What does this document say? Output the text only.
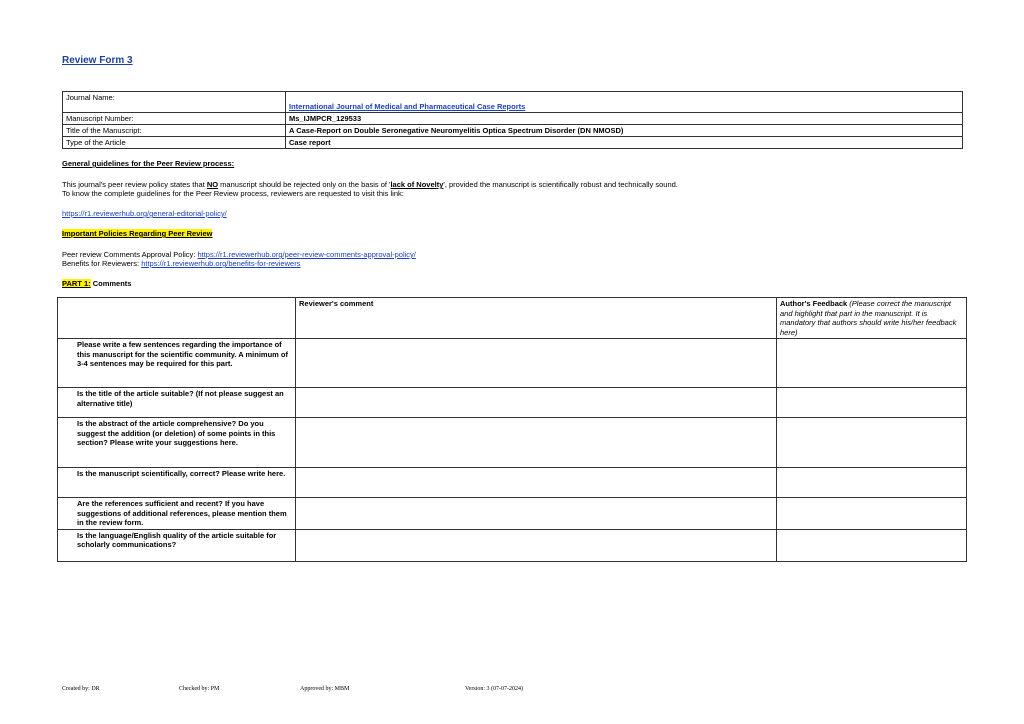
Review Form 3
Journal Name:	International Journal of Medical and Pharmaceutical Case Reports
Manuscript Number:	Ms_IJMPCR_129533
Title of the Manuscript:	A Case-Report on Double Seronegative Neuromyelitis Optica Spectrum Disorder (DN NMOSD)
Type of the Article	Case report
General guidelines for the Peer Review process:
This journal's peer review policy states that NO manuscript should be rejected only on the basis of 'lack of Novelty', provided the manuscript is scientifically robust and technically sound.
To know the complete guidelines for the Peer Review process, reviewers are requested to visit this link:
https://r1.reviewerhub.org/general-editorial-policy/
Important Policies Regarding Peer Review
Peer review Comments Approval Policy: https://r1.reviewerhub.org/peer-review-comments-approval-policy/
Benefits for Reviewers: https://r1.reviewerhub.org/benefits-for-reviewers
PART 1: Comments
	Reviewer's comment	Author's Feedback (Please correct the manuscript and highlight that part in the manuscript. It is mandatory that authors should write his/her feedback here)
Please write a few sentences regarding the importance of this manuscript for the scientific community. A minimum of 3-4 sentences may be required for this part.		
Is the title of the article suitable? (If not please suggest an alternative title)		
Is the abstract of the article comprehensive? Do you suggest the addition (or deletion) of some points in this section? Please write your suggestions here.		
Is the manuscript scientifically, correct? Please write here.		
Are the references sufficient and recent? If you have suggestions of additional references, please mention them in the review form.		
Is the language/English quality of the article suitable for scholarly communications?		
Created by: DR	Checked by: PM	Approved by: MBM	Version: 3 (07-07-2024)
